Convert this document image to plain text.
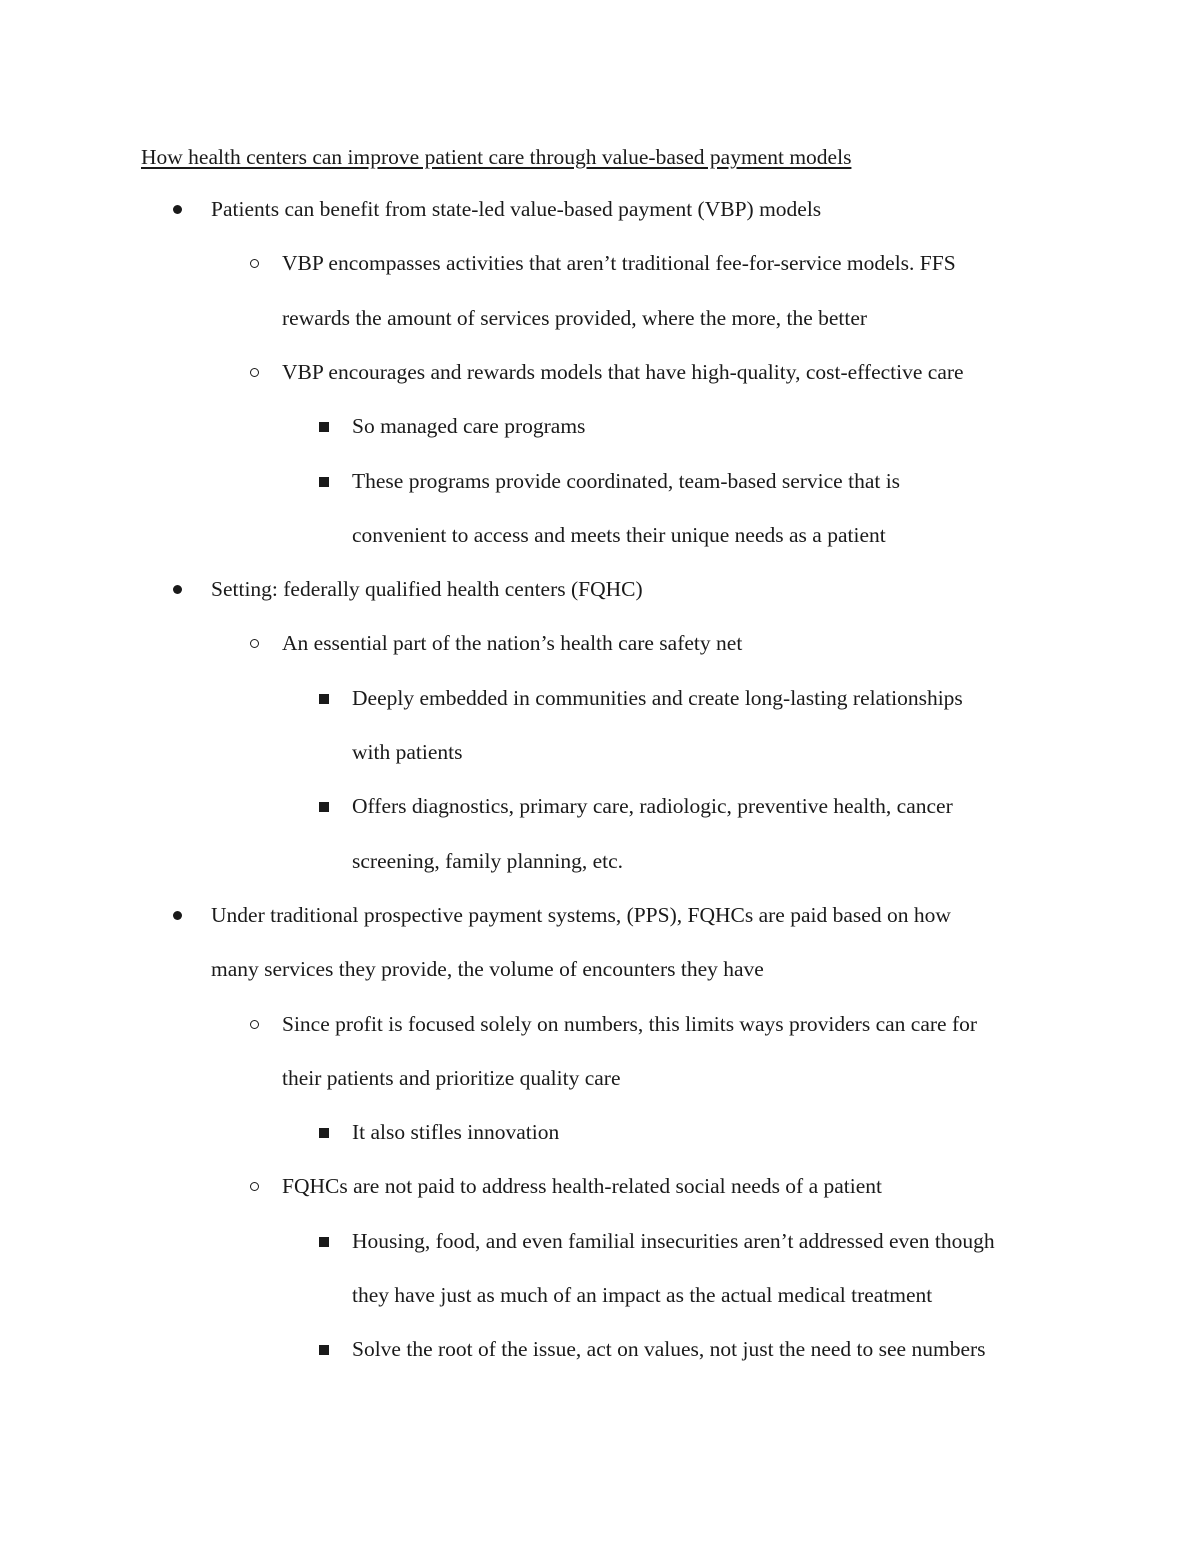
How health centers can improve patient care through value-based payment models
Patients can benefit from state-led value-based payment (VBP) models
VBP encompasses activities that aren’t traditional fee-for-service models. FFS
rewards the amount of services provided, where the more, the better
VBP encourages and rewards models that have high-quality, cost-effective care
So managed care programs
These programs provide coordinated, team-based service that is
convenient to access and meets their unique needs as a patient
Setting: federally qualified health centers (FQHC)
An essential part of the nation’s health care safety net
Deeply embedded in communities and create long-lasting relationships
with patients
Offers diagnostics, primary care, radiologic, preventive health, cancer
screening, family planning, etc.
Under traditional prospective payment systems, (PPS), FQHCs are paid based on how
many services they provide, the volume of encounters they have
Since profit is focused solely on numbers, this limits ways providers can care for
their patients and prioritize quality care
It also stifles innovation
FQHCs are not paid to address health-related social needs of a patient
Housing, food, and even familial insecurities aren’t addressed even though
they have just as much of an impact as the actual medical treatment
Solve the root of the issue, act on values, not just the need to see numbers
